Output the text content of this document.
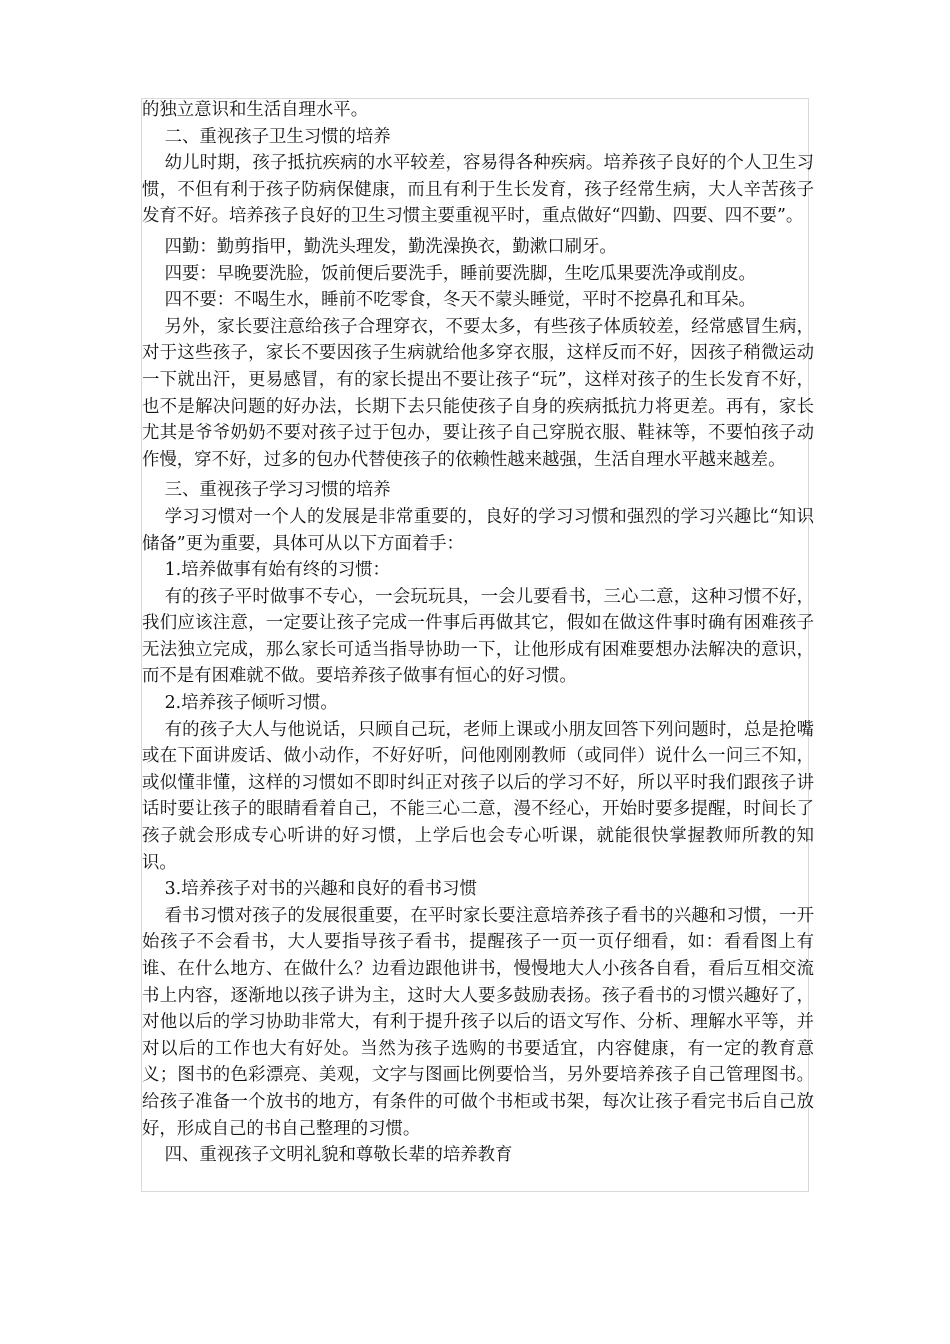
的独立意识和生活自理水平。

二、重视孩子卫生习惯的培养

幼儿时期，孩子抵抗疾病的水平较差，容易得各种疾病。培养孩子良好的个人卫生习惯，不但有利于孩子防病保健康，而且有利于生长发育，孩子经常生病，大人辛苦孩子发育不好。培养孩子良好的卫生习惯主要重视平时，重点做好“四勤、四要、四不要”。

四勤：勤剪指甲，勤洗头理发，勤洗澡换衣，勤漱口刷牙。

四要：早晚要洗脸，饭前便后要洗手，睡前要洗脚，生吃瓜果要洗净或削皮。

四不要：不喝生水，睡前不吃零食，冬天不蒙头睡觉，平时不挖鼻孔和耳朵。

另外，家长要注意给孩子合理穿衣，不要太多，有些孩子体质较差，经常感冒生病，对于这些孩子，家长不要因孩子生病就给他多穿衣服，这样反而不好，因孩子稍微运动一下就出汗，更易感冒，有的家长提出不要让孩子“玩”，这样对孩子的生长发育不好，也不是解决问题的好办法，长期下去只能使孩子自身的疾病抵抗力将更差。再有，家长尤其是爷爷奶奶不要对孩子过于包办，要让孩子自己穿脱衣服、鞋袜等，不要怕孩子动作慢，穿不好，过多的包办代替使孩子的依赖性越来越强，生活自理水平越来越差。

三、重视孩子学习习惯的培养

学习习惯对一个人的发展是非常重要的，良好的学习习惯和强烈的学习兴趣比“知识储备”更为重要，具体可从以下方面着手：

1.培养做事有始有终的习惯：

有的孩子平时做事不专心，一会玩玩具，一会儿要看书，三心二意，这种习惯不好，我们应该注意，一定要让孩子完成一件事后再做其它，假如在做这件事时确有困难孩子无法独立完成，那么家长可适当指导协助一下，让他形成有困难要想办法解决的意识，而不是有困难就不做。要培养孩子做事有恒心的好习惯。

2.培养孩子倾听习惯。

有的孩子大人与他说话，只顾自己玩，老师上课或小朋友回答下列问题时，总是抢嘴或在下面讲废话、做小动作，不好好听，问他刚刚教师（或同伴）说什么一问三不知，或似懂非懂，这样的习惯如不即时纠正对孩子以后的学习不好，所以平时我们跟孩子讲话时要让孩子的眼睛看着自己，不能三心二意，漫不经心，开始时要多提醒，时间长了孩子就会形成专心听讲的好习惯，上学后也会专心听课，就能很快掌握教师所教的知识。

3.培养孩子对书的兴趣和良好的看书习惯

看书习惯对孩子的发展很重要，在平时家长要注意培养孩子看书的兴趣和习惯，一开始孩子不会看书，大人要指导孩子看书，提醒孩子一页一页仔细看，如：看看图上有谁、在什么地方、在做什么？边看边跟他讲书，慢慢地大人小孩各自看，看后互相交流书上内容，逐渐地以孩子讲为主，这时大人要多鼓励表扬。孩子看书的习惯兴趣好了，对他以后的学习协助非常大，有利于提升孩子以后的语文写作、分析、理解水平等，并对以后的工作也大有好处。当然为孩子选购的书要适宜，内容健康，有一定的教育意义；图书的色彩漂亮、美观，文字与图画比例要恰当，另外要培养孩子自己管理图书。给孩子准备一个放书的地方，有条件的可做个书柜或书架，每次让孩子看完书后自己放好，形成自己的书自己整理的习惯。

四、重视孩子文明礼貌和尊敬长辈的培养教育
